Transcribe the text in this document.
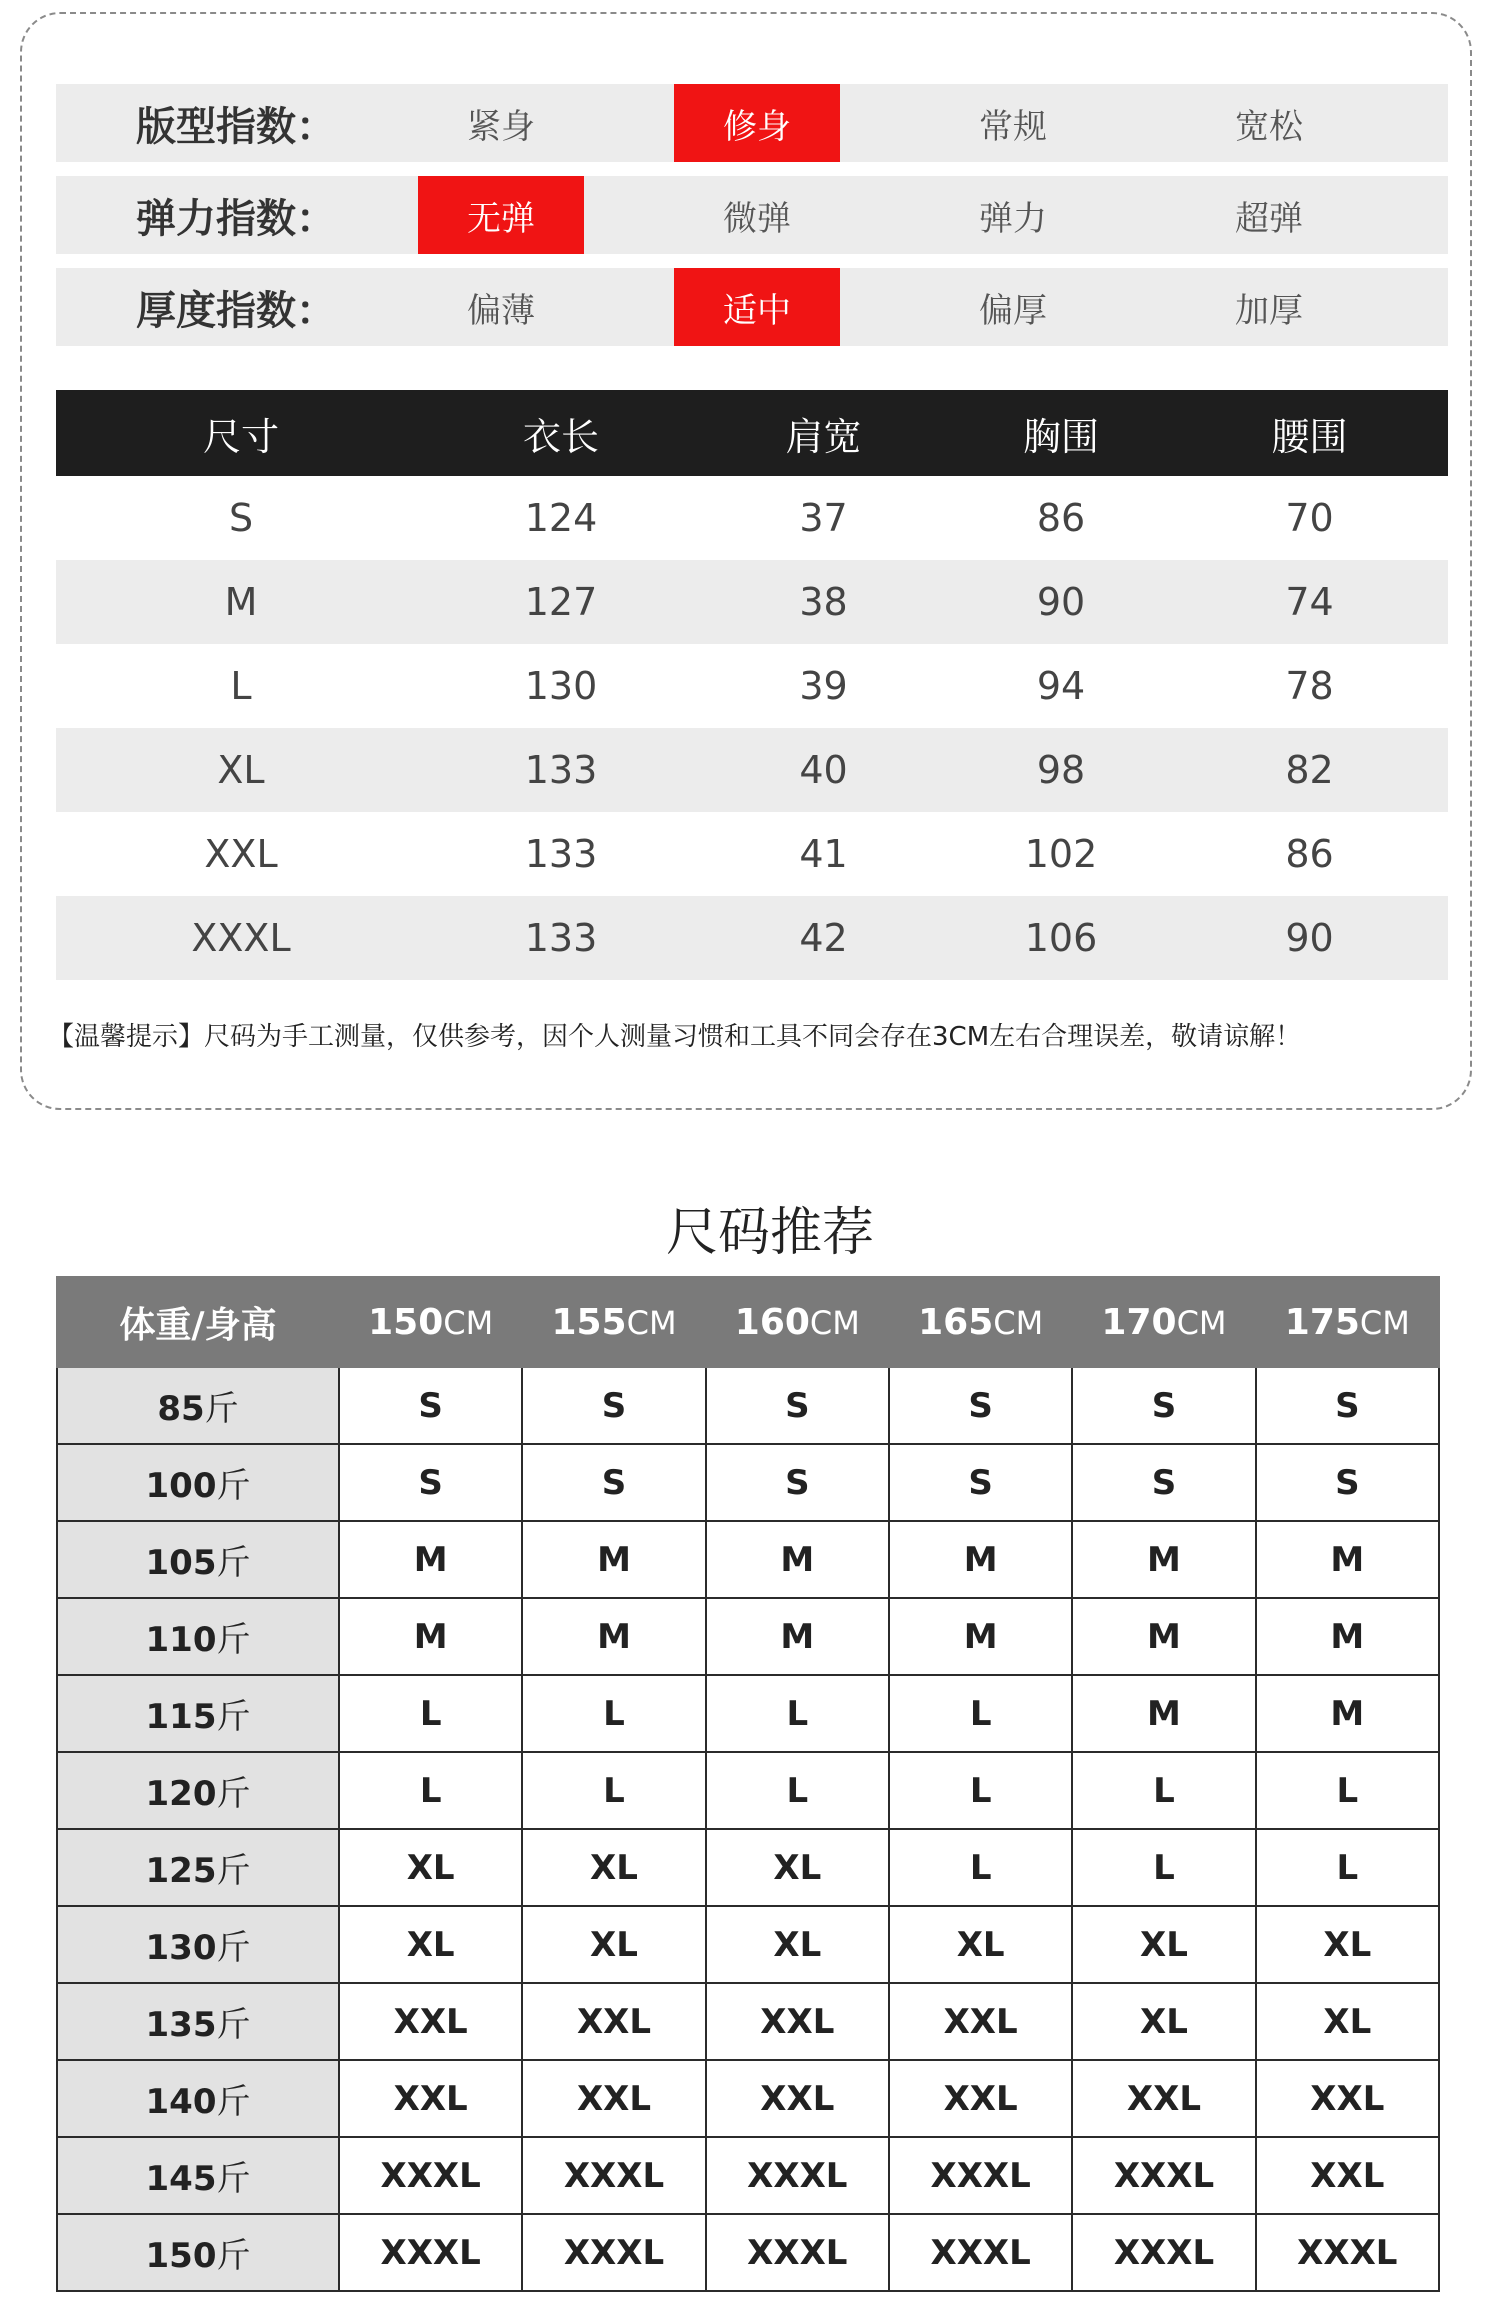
版型指数：	紧身	修身	常规	宽松
弹力指数：	无弹	微弹	弹力	超弹
厚度指数：	偏薄	适中	偏厚	加厚
尺寸	衣长	肩宽	胸围	腰围
S	124	37	86	70
M	127	38	90	74
L	130	39	94	78
XL	133	40	98	82
XXL	133	41	102	86
XXXL	133	42	106	90
【温馨提示】尺码为手工测量，仅供参考，因个人测量习惯和工具不同会存在3CM左右合理误差，敬请谅解！
尺码推荐
体重/身高	150CM	155CM	160CM	165CM	170CM	175CM
85斤	S	S	S	S	S	S
100斤	S	S	S	S	S	S
105斤	M	M	M	M	M	M
110斤	M	M	M	M	M	M
115斤	L	L	L	L	M	M
120斤	L	L	L	L	L	L
125斤	XL	XL	XL	L	L	L
130斤	XL	XL	XL	XL	XL	XL
135斤	XXL	XXL	XXL	XXL	XL	XL
140斤	XXL	XXL	XXL	XXL	XXL	XXL
145斤	XXXL	XXXL	XXXL	XXXL	XXXL	XXL
150斤	XXXL	XXXL	XXXL	XXXL	XXXL	XXXL
